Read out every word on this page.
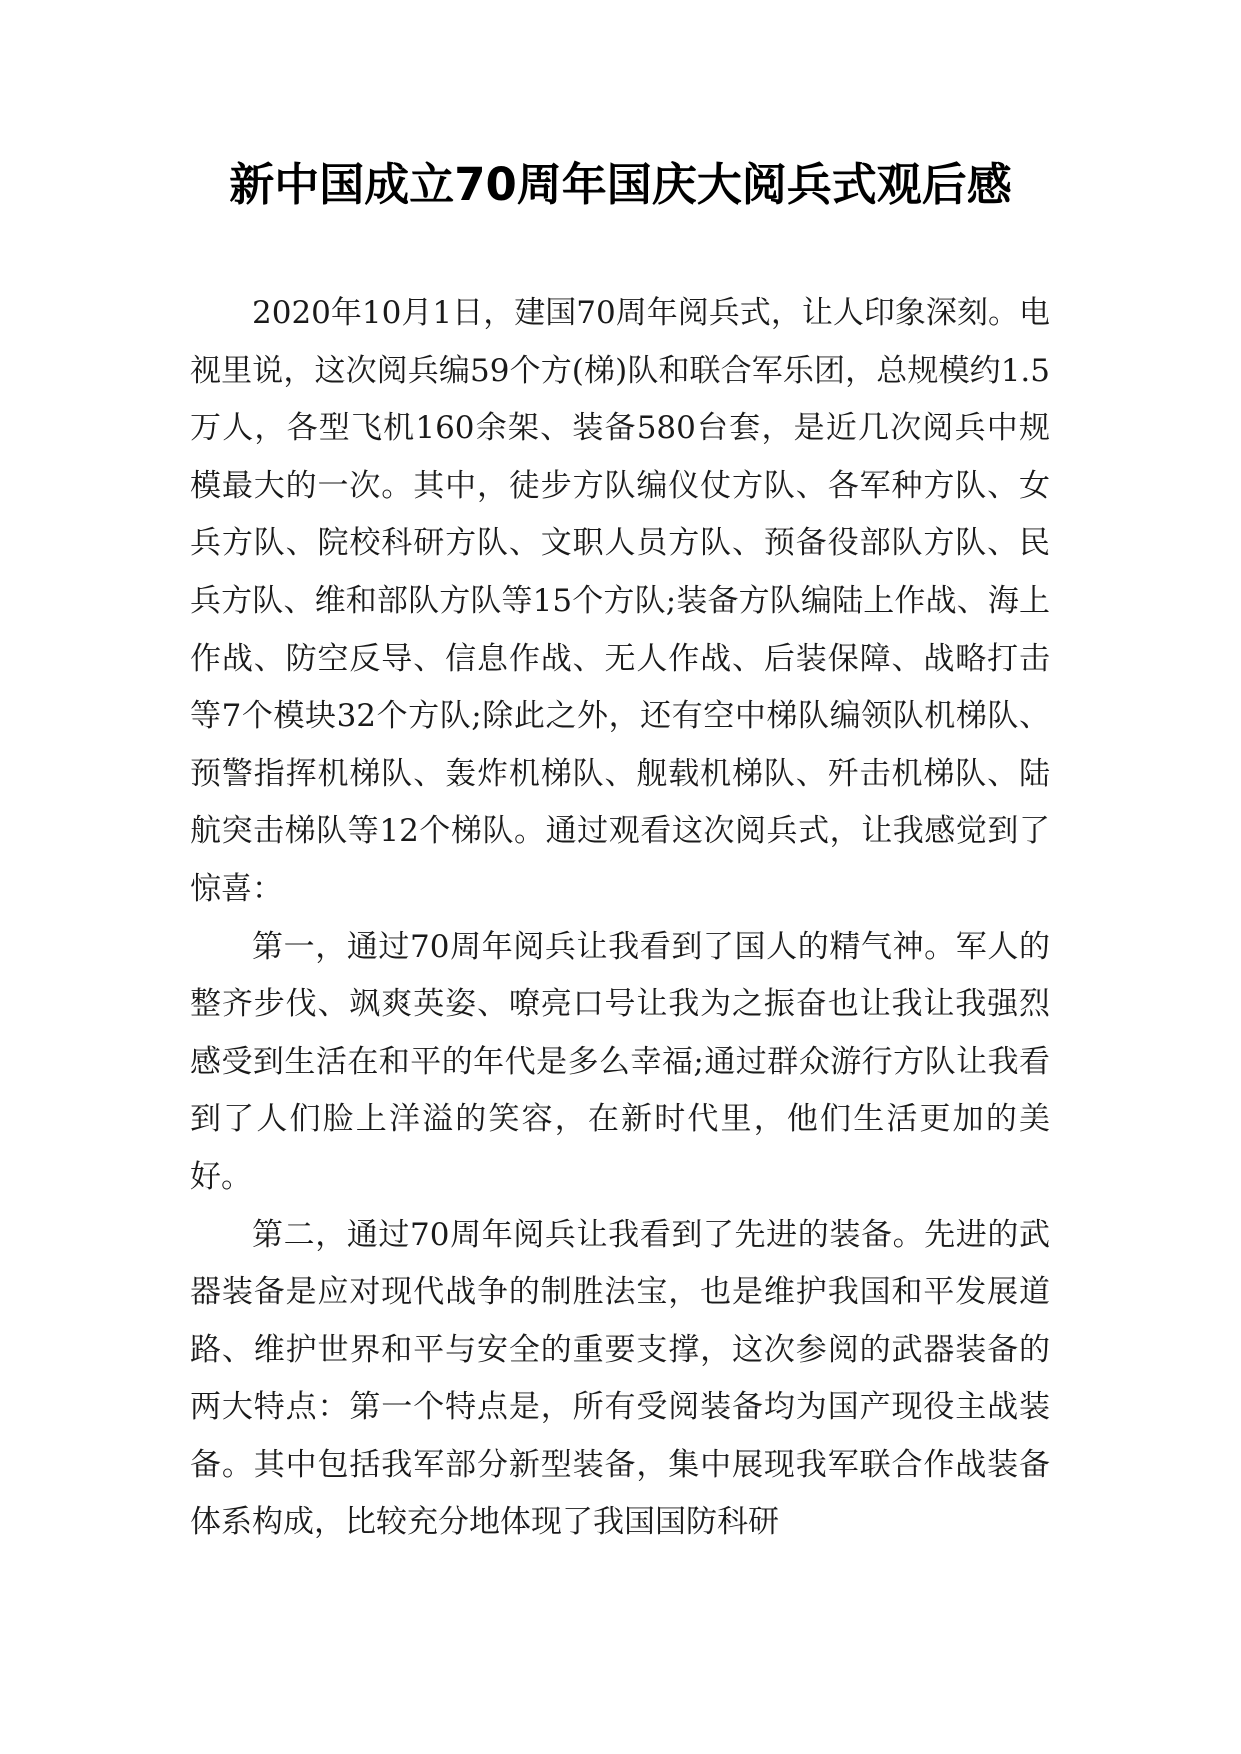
新中国成立70周年国庆大阅兵式观后感

2020年10月1日，建国70周年阅兵式，让人印象深刻。电视里说，这次阅兵编59个方(梯)队和联合军乐团，总规模约1.5万人，各型飞机160余架、装备580台套，是近几次阅兵中规模最大的一次。其中，徒步方队编仪仗方队、各军种方队、女兵方队、院校科研方队、文职人员方队、预备役部队方队、民兵方队、维和部队方队等15个方队;装备方队编陆上作战、海上作战、防空反导、信息作战、无人作战、后装保障、战略打击等7个模块32个方队;除此之外，还有空中梯队编领队机梯队、预警指挥机梯队、轰炸机梯队、舰载机梯队、歼击机梯队、陆航突击梯队等12个梯队。通过观看这次阅兵式，让我感觉到了惊喜：

第一，通过70周年阅兵让我看到了国人的精气神。军人的整齐步伐、飒爽英姿、嘹亮口号让我为之振奋也让我让我强烈感受到生活在和平的年代是多么幸福;通过群众游行方队让我看到了人们脸上洋溢的笑容，在新时代里，他们生活更加的美好。

第二，通过70周年阅兵让我看到了先进的装备。先进的武器装备是应对现代战争的制胜法宝，也是维护我国和平发展道路、维护世界和平与安全的重要支撑，这次参阅的武器装备的两大特点：第一个特点是，所有受阅装备均为国产现役主战装备。其中包括我军部分新型装备，集中展现我军联合作战装备体系构成，比较充分地体现了我国国防科研
